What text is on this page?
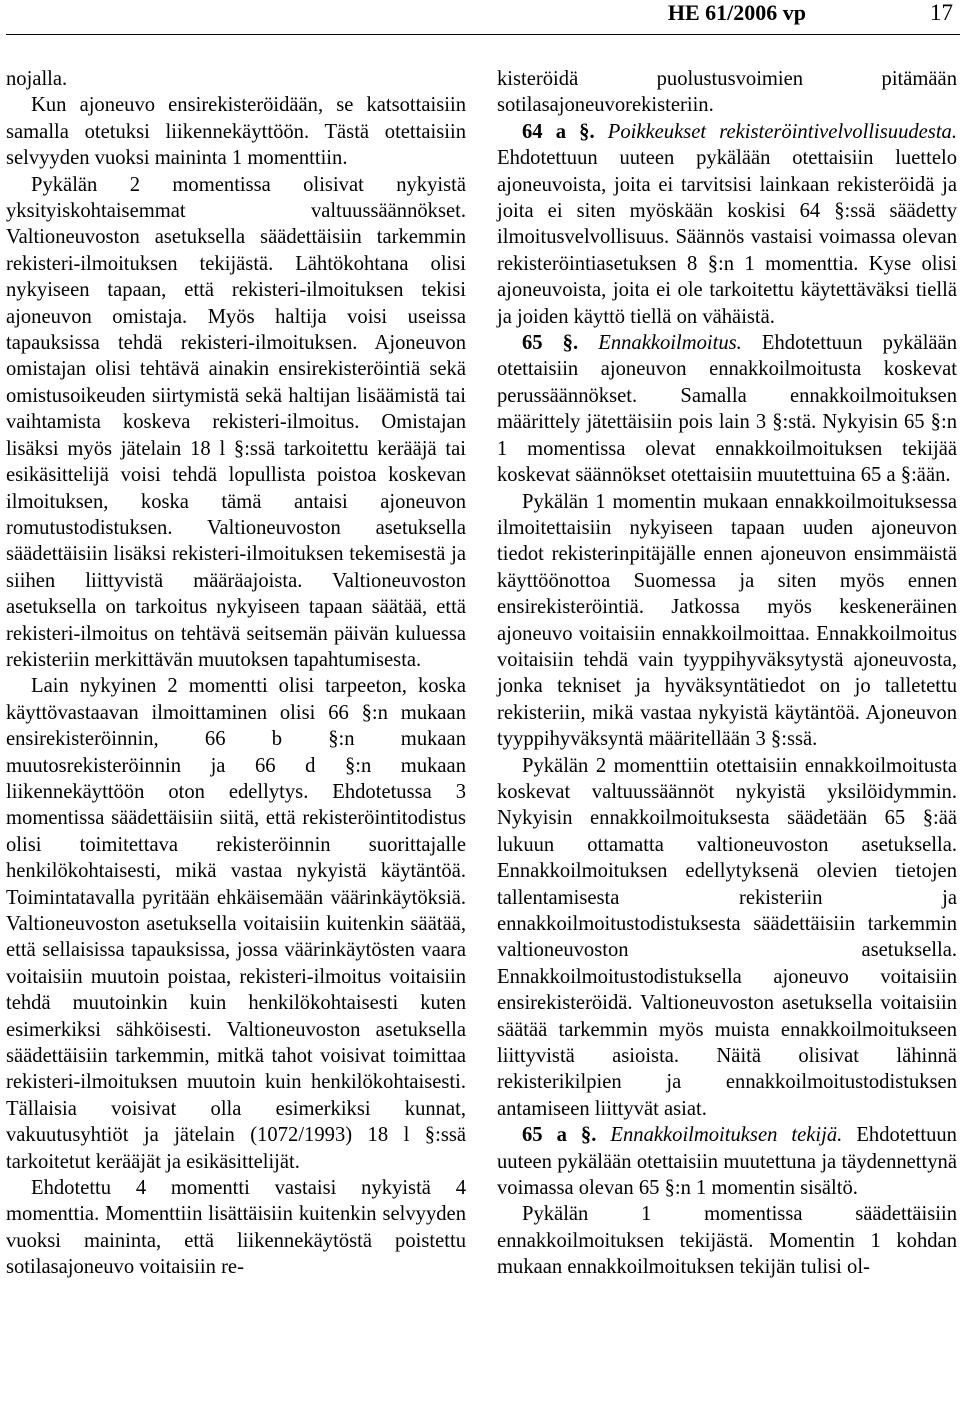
HE 61/2006 vp	17

nojalla.

Kun ajoneuvo ensirekisteröidään, se katsottaisiin samalla otetuksi liikennekäyttöön. Tästä otettaisiin selvyyden vuoksi maininta 1 momenttiin.

Pykälän 2 momentissa olisivat nykyistä yksityiskohtaisemmat valtuussäännökset. Valtioneuvoston asetuksella säädettäisiin tarkemmin rekisteri-ilmoituksen tekijästä. Lähtökohtana olisi nykyiseen tapaan, että rekisteri-ilmoituksen tekisi ajoneuvon omistaja. Myös haltija voisi useissa tapauksissa tehdä rekisteri-ilmoituksen. Ajoneuvon omistajan olisi tehtävä ainakin ensirekisteröintiä sekä omistusoikeuden siirtymistä sekä haltijan lisäämistä tai vaihtamista koskeva rekisteri-ilmoitus. Omistajan lisäksi myös jätelain 18 l §:ssä tarkoitettu kerääjä tai esikäsittelijä voisi tehdä lopullista poistoa koskevan ilmoituksen, koska tämä antaisi ajoneuvon romutustodistuksen. Valtioneuvoston asetuksella säädettäisiin lisäksi rekisteri-ilmoituksen tekemisestä ja siihen liittyvistä määräajoista. Valtioneuvoston asetuksella on tarkoitus nykyiseen tapaan säätää, että rekisteri-ilmoitus on tehtävä seitsemän päivän kuluessa rekisteriin merkittävän muutoksen tapahtumisesta.

Lain nykyinen 2 momentti olisi tarpeeton, koska käyttövastaavan ilmoittaminen olisi 66 §:n mukaan ensirekisteröinnin, 66 b §:n mukaan muutosrekisteröinnin ja 66 d §:n mukaan liikennekäyttöön oton edellytys. Ehdotetussa 3 momentissa säädettäisiin siitä, että rekisteröintitodistus olisi toimitettava rekisteröinnin suorittajalle henkilökohtaisesti, mikä vastaa nykyistä käytäntöä. Toimintatavalla pyritään ehkäisemään väärinkäytöksiä. Valtioneuvoston asetuksella voitaisiin kuitenkin säätää, että sellaisissa tapauksissa, jossa väärinkäytösten vaara voitaisiin muutoin poistaa, rekisteri-ilmoitus voitaisiin tehdä muutoinkin kuin henkilökohtaisesti kuten esimerkiksi sähköisesti. Valtioneuvoston asetuksella säädettäisiin tarkemmin, mitkä tahot voisivat toimittaa rekisteri-ilmoituksen muutoin kuin henkilökohtaisesti. Tällaisia voisivat olla esimerkiksi kunnat, vakuutusyhtiöt ja jätelain (1072/1993) 18 l §:ssä tarkoitetut kerääjät ja esikäsittelijät.

Ehdotettu 4 momentti vastaisi nykyistä 4 momenttia. Momenttiin lisättäisiin kuitenkin selvyyden vuoksi maininta, että liikennekäytöstä poistettu sotilasajoneuvo voitaisiin re-

kisteröidä puolustusvoimien pitämään sotilasajoneuvorekisteriin.

64 a §. Poikkeukset rekisteröintivelvollisuudesta. Ehdotettuun uuteen pykälään otettaisiin luettelo ajoneuvoista, joita ei tarvitsisi lainkaan rekisteröidä ja joita ei siten myöskään koskisi 64 §:ssä säädetty ilmoitusvelvollisuus. Säännös vastaisi voimassa olevan rekisteröintiasetuksen 8 §:n 1 momenttia. Kyse olisi ajoneuvoista, joita ei ole tarkoitettu käytettäväksi tiellä ja joiden käyttö tiellä on vähäistä.

65 §. Ennakkoilmoitus. Ehdotettuun pykälään otettaisiin ajoneuvon ennakkoilmoitusta koskevat perussäännökset. Samalla ennakkoilmoituksen määrittely jätettäisiin pois lain 3 §:stä. Nykyisin 65 §:n 1 momentissa olevat ennakkoilmoituksen tekijää koskevat säännökset otettaisiin muutettuina 65 a §:ään.

Pykälän 1 momentin mukaan ennakkoilmoituksessa ilmoitettaisiin nykyiseen tapaan uuden ajoneuvon tiedot rekisterinpitäjälle ennen ajoneuvon ensimmäistä käyttöönottoa Suomessa ja siten myös ennen ensirekisteröintiä. Jatkossa myös keskeneräinen ajoneuvo voitaisiin ennakkoilmoittaa. Ennakkoilmoitus voitaisiin tehdä vain tyyppihyväksytystä ajoneuvosta, jonka tekniset ja hyväksyntätiedot on jo talletettu rekisteriin, mikä vastaa nykyistä käytäntöä. Ajoneuvon tyyppihyväksyntä määritellään 3 §:ssä.

Pykälän 2 momenttiin otettaisiin ennakkoilmoitusta koskevat valtuussäännöt nykyistä yksilöidymmin. Nykyisin ennakkoilmoituksesta säädetään 65 §:ää lukuun ottamatta valtioneuvoston asetuksella. Ennakkoilmoituksen edellytyksenä olevien tietojen tallentamisesta rekisteriin ja ennakkoilmoitustodistuksesta säädettäisiin tarkemmin valtioneuvoston asetuksella. Ennakkoilmoitustodistuksella ajoneuvo voitaisiin ensirekisteröidä. Valtioneuvoston asetuksella voitaisiin säätää tarkemmin myös muista ennakkoilmoitukseen liittyvistä asioista. Näitä olisivat lähinnä rekisterikilpien ja ennakkoilmoitustodistuksen antamiseen liittyvät asiat.

65 a §. Ennakkoilmoituksen tekijä. Ehdotettuun uuteen pykälään otettaisiin muutettuna ja täydennettynä voimassa olevan 65 §:n 1 momentin sisältö.

Pykälän 1 momentissa säädettäisiin ennakkoilmoituksen tekijästä. Momentin 1 kohdan mukaan ennakkoilmoituksen tekijän tulisi ol-
